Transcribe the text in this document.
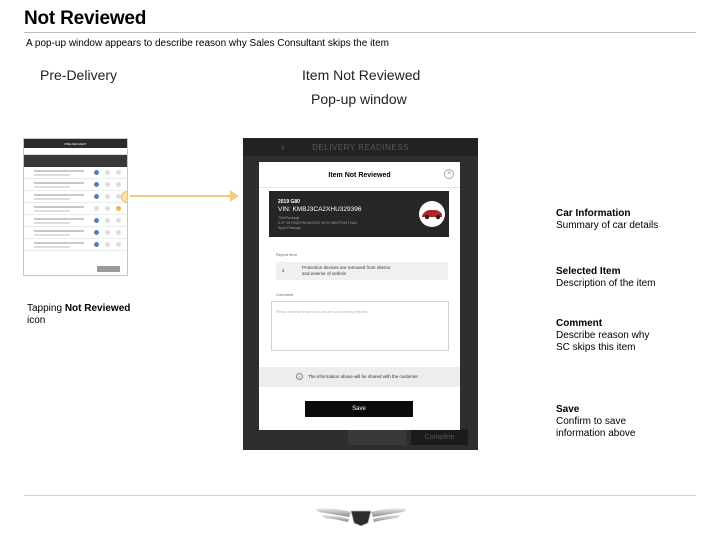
Not Reviewed
A pop-up window appears to describe reason why Sales Consultant skips the item
Pre-Delivery	Item Not Reviewed
Pop-up window
PRE-DELIVERY
Tapping Not Reviewed
icon
DELIVERY READINESS
‹
Complete
Item Not Reviewed	×
2019 G80
VIN: KMBJ3CA2XHU329396
Trim/Package
3.3T V6 RWD ENHANCED WITH WAYPOINT NAV
Sport Package
Report Item
2
Protection devices are removed from interior
and exterior of vehicle
Comment
Please describe reason why you are not reviewing this item
i	The information above will be shared with the customer
Save
Car Information
Summary of car details
Selected Item
Description of the item
Comment
Describe reason why
SC skips this item
Save
Confirm to save
information above
